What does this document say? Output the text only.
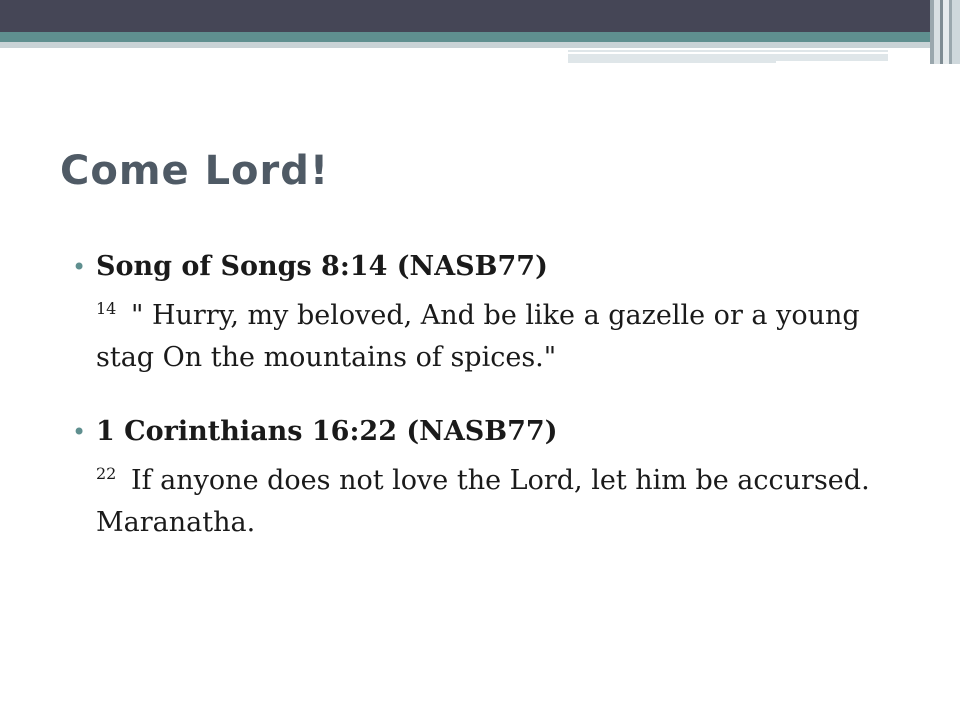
Come Lord!
• Song of Songs 8:14 (NASB77)
$^{14}$ " Hurry, my beloved, And be like a gazelle or a young stag On the mountains of spices."
• 1 Corinthians 16:22 (NASB77)
$^{22}$ If anyone does not love the Lord, let him be accursed. Maranatha.
